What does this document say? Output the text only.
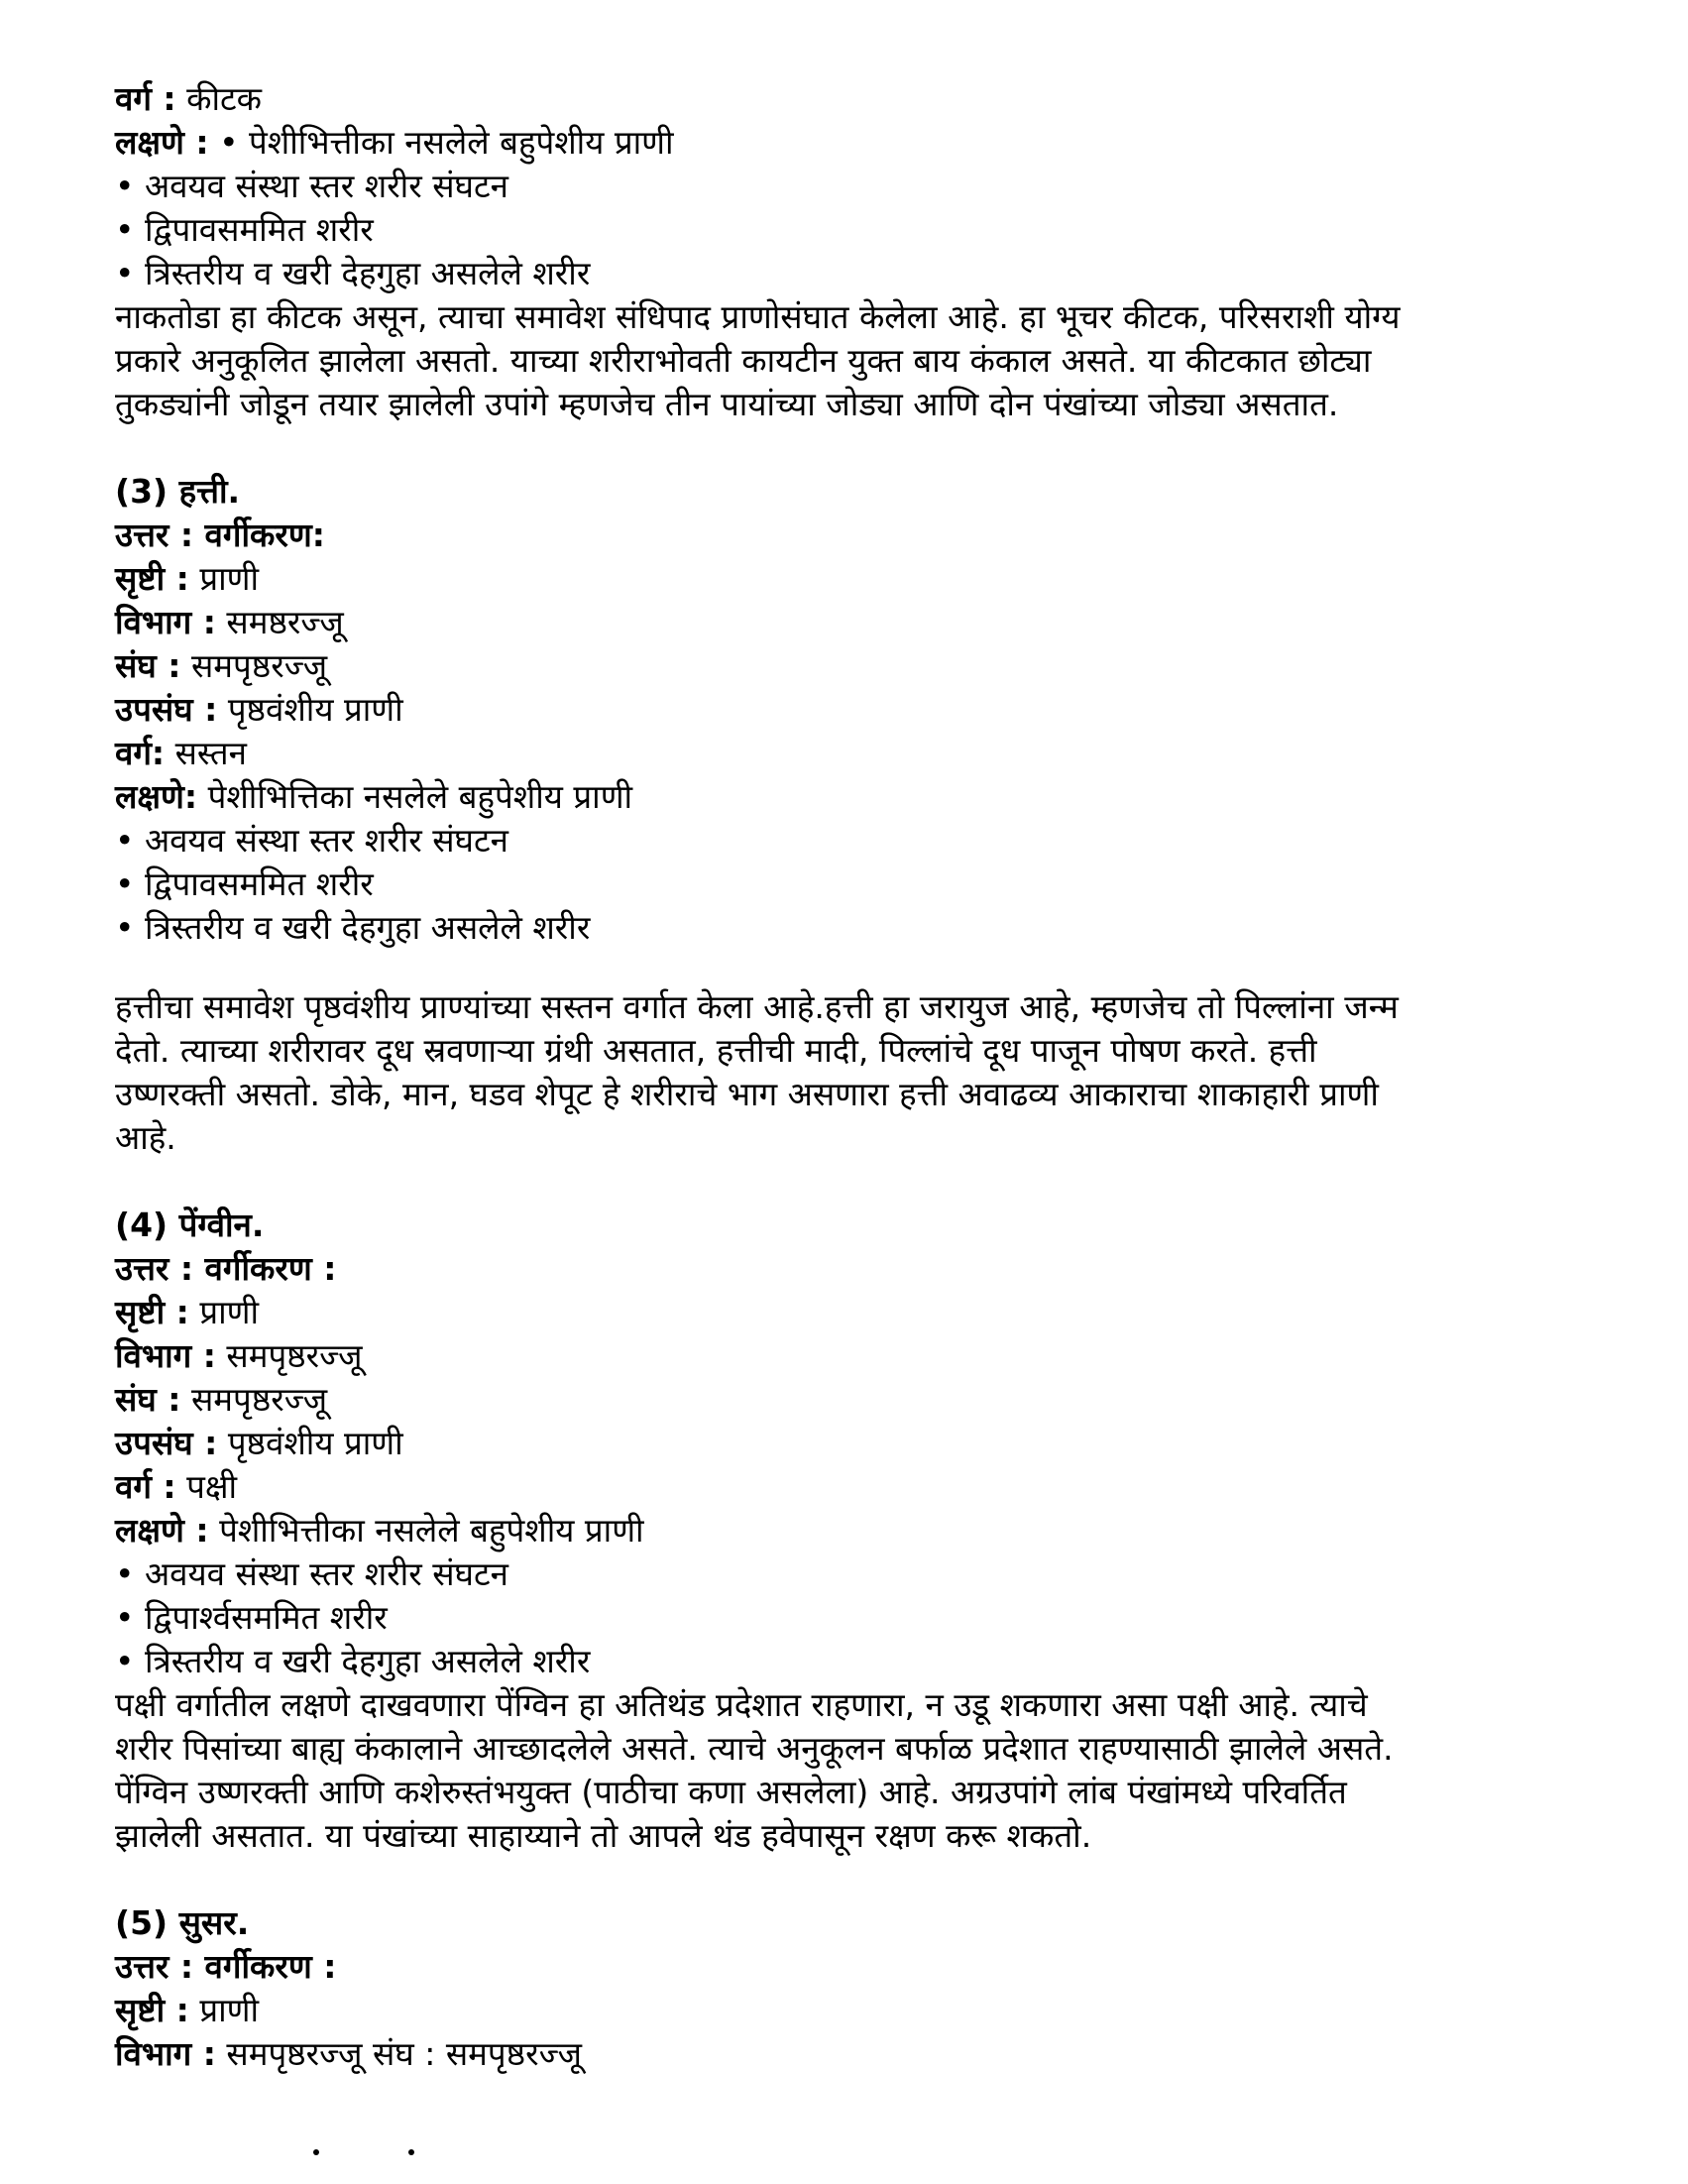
वर्ग : कीटक

लक्षणे : • पेशीभित्तीका नसलेले बहुपेशीय प्राणी

• अवयव संस्था स्तर शरीर संघटन

• द्विपावसममित शरीर

• त्रिस्तरीय व खरी देहगुहा असलेले शरीर

नाकतोडा हा कीटक असून, त्याचा समावेश संधिपाद प्राणोसंघात केलेला आहे. हा भूचर कीटक, परिसराशी योग्य

प्रकारे अनुकूलित झालेला असतो. याच्या शरीराभोवती कायटीन युक्त बाय कंकाल असते. या कीटकात छोट्या

तुकड्यांनी जोडून तयार झालेली उपांगे म्हणजेच तीन पायांच्या जोड्या आणि दोन पंखांच्या जोड्या असतात.

(3) हत्ती.

उत्तर : वर्गीकरण:

सृष्टी : प्राणी

विभाग : समष्ठरज्जू

संघ : समपृष्ठरज्जू

उपसंघ : पृष्ठवंशीय प्राणी

वर्ग: सस्तन

लक्षणे: पेशीभित्तिका नसलेले बहुपेशीय प्राणी

• अवयव संस्था स्तर शरीर संघटन

• द्विपावसममित शरीर

• त्रिस्तरीय व खरी देहगुहा असलेले शरीर

हत्तीचा समावेश पृष्ठवंशीय प्राण्यांच्या सस्तन वर्गात केला आहे.हत्ती हा जरायुज आहे, म्हणजेच तो पिल्लांना जन्म

देतो. त्याच्या शरीरावर दूध स्रवणाऱ्या ग्रंथी असतात, हत्तीची मादी, पिल्लांचे दूध पाजून पोषण करते. हत्ती

उष्णरक्ती असतो. डोके, मान, घडव शेपूट हे शरीराचे भाग असणारा हत्ती अवाढव्य आकाराचा शाकाहारी प्राणी

आहे.

(4) पेंग्वीन.

उत्तर : वर्गीकरण :

सृष्टी : प्राणी

विभाग : समपृष्ठरज्जू

संघ : समपृष्ठरज्जू

उपसंघ : पृष्ठवंशीय प्राणी

वर्ग : पक्षी

लक्षणे : पेशीभित्तीका नसलेले बहुपेशीय प्राणी

• अवयव संस्था स्तर शरीर संघटन

• द्विपार्श्वसममित शरीर

• त्रिस्तरीय व खरी देहगुहा असलेले शरीर

पक्षी वर्गातील लक्षणे दाखवणारा पेंग्विन हा अतिथंड प्रदेशात राहणारा, न उडू शकणारा असा पक्षी आहे. त्याचे

शरीर पिसांच्या बाह्य कंकालाने आच्छादलेले असते. त्याचे अनुकूलन बर्फाळ प्रदेशात राहण्यासाठी झालेले असते.

पेंग्विन उष्णरक्ती आणि कशेरुस्तंभयुक्त (पाठीचा कणा असलेला) आहे. अग्रउपांगे लांब पंखांमध्ये परिवर्तित

झालेली असतात. या पंखांच्या साहाय्याने तो आपले थंड हवेपासून रक्षण करू शकतो.

(5) सुसर.

उत्तर : वर्गीकरण :

सृष्टी : प्राणी

विभाग : समपृष्ठरज्जू संघ : समपृष्ठरज्जू
